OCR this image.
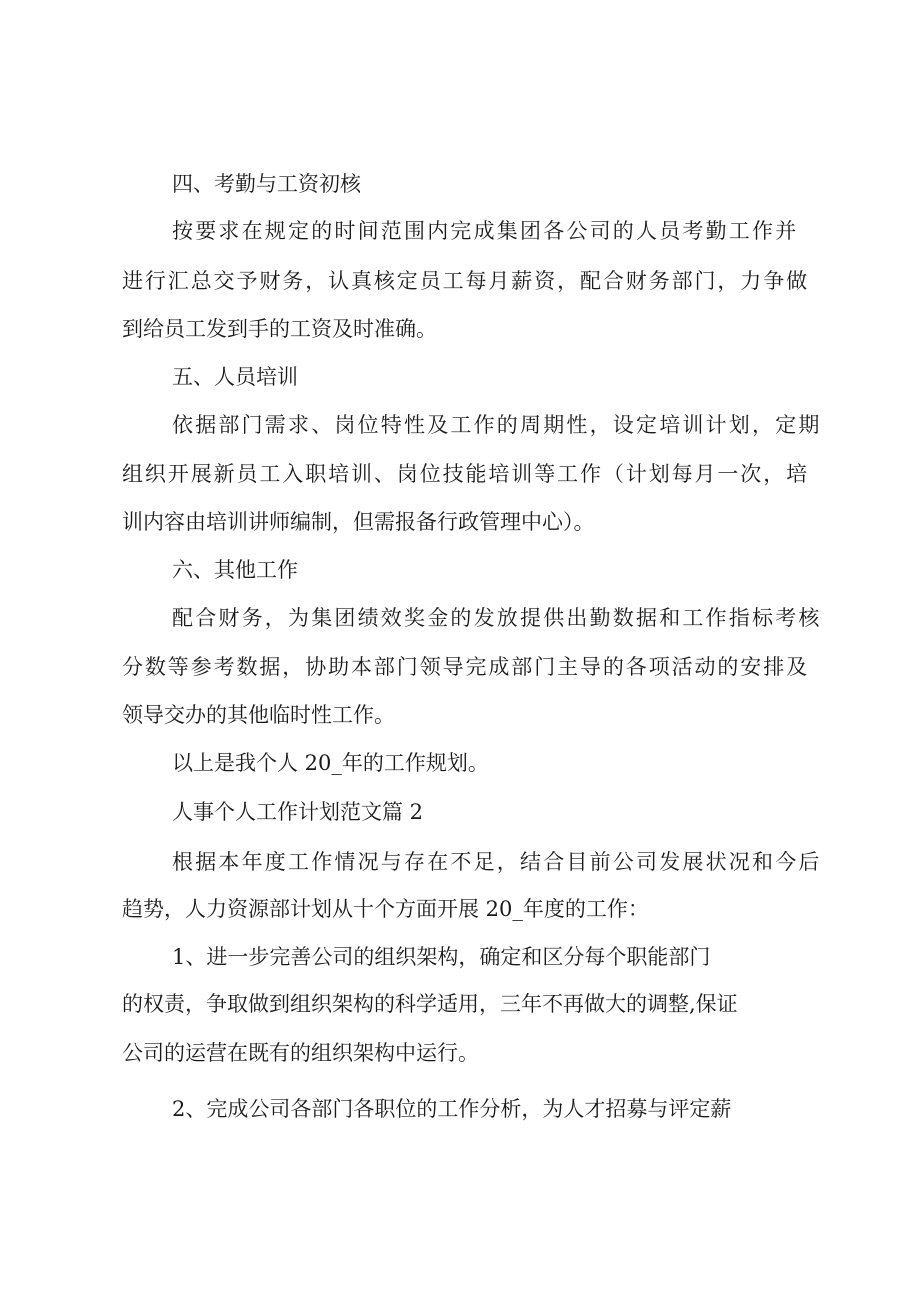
四、考勤与工资初核

按要求在规定的时间范围内完成集团各公司的人员考勤工作并

进行汇总交予财务，认真核定员工每月薪资，配合财务部门，力争做

到给员工发到手的工资及时准确。

五、人员培训

依据部门需求、岗位特性及工作的周期性，设定培训计划，定期

组织开展新员工入职培训、岗位技能培训等工作（计划每月一次，培

训内容由培训讲师编制，但需报备行政管理中心）。

六、其他工作

配合财务，为集团绩效奖金的发放提供出勤数据和工作指标考核

分数等参考数据，协助本部门领导完成部门主导的各项活动的安排及

领导交办的其他临时性工作。

以上是我个人 20_年的工作规划。

人事个人工作计划范文篇 2

根据本年度工作情况与存在不足，结合目前公司发展状况和今后

趋势，人力资源部计划从十个方面开展 20_年度的工作：

1、进一步完善公司的组织架构，确定和区分每个职能部门

的权责，争取做到组织架构的科学适用，三年不再做大的调整,保证

公司的运营在既有的组织架构中运行。

2、完成公司各部门各职位的工作分析，为人才招募与评定薪
